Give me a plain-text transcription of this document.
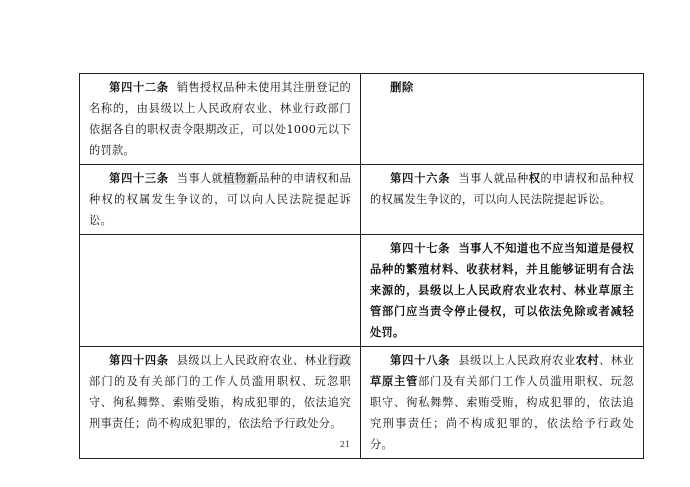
第四十二条 销售授权品种未使用其注册登记的名称的，由县级以上人民政府农业、林业行政部门依据各自的职权责令限期改正，可以处1000元以下的罚款。	删除
第四十三条 当事人就植物新品种的申请权和品种权的权属发生争议的，可以向人民法院提起诉讼。	第四十六条 当事人就品种权的申请权和品种权的权属发生争议的，可以向人民法院提起诉讼。
	第四十七条 当事人不知道也不应当知道是侵权品种的繁殖材料、收获材料，并且能够证明有合法来源的，县级以上人民政府农业农村、林业草原主管部门应当责令停止侵权，可以依法免除或者减轻处罚。
第四十四条 县级以上人民政府农业、林业行政部门的及有关部门的工作人员滥用职权、玩忽职守、徇私舞弊、索贿受贿，构成犯罪的，依法追究刑事责任；尚不构成犯罪的，依法给予行政处分。	第四十八条 县级以上人民政府农业农村、林业草原主管部门及有关部门工作人员滥用职权、玩忽职守、徇私舞弊、索贿受贿，构成犯罪的，依法追究刑事责任；尚不构成犯罪的，依法给予行政处分。
21
